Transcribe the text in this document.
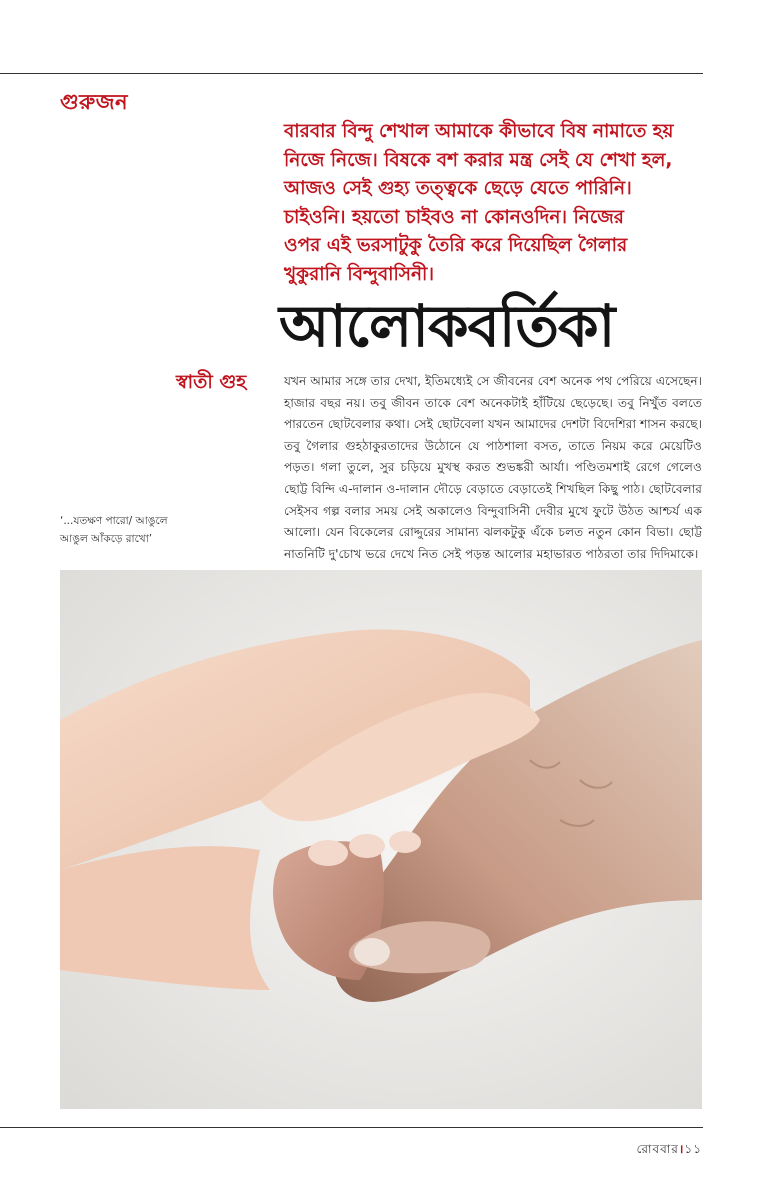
গুরুজন
বারবার বিন্দু শেখাল আমাকে কীভাবে বিষ নামাতে হয়
নিজে নিজে। বিষকে বশ করার মন্ত্র সেই যে শেখা হল,
আজও সেই গুহ্য তত্ত্বকে ছেড়ে যেতে পারিনি।
চাইওনি। হয়তো চাইবও না কোনওদিন। নিজের
ওপর এই ভরসাটুকু তৈরি করে দিয়েছিল গৈলার
খুকুরানি বিন্দুবাসিনী।
আলোকবর্তিকা
স্বাতী গুহ	যখন আমার সঙ্গে তার দেখা, ইতিমধ্যেই সে জীবনের বেশ অনেক পথ পেরিয়ে এসেছেন। হাজার বছর নয়। তবু জীবন তাকে বেশ অনেকটাই হাঁটিয়ে ছেড়েছে। তবু নিখুঁত বলতে পারতেন ছোটবেলার কথা। সেই ছোটবেলা যখন আমাদের দেশটা বিদেশিরা শাসন করছে। তবু গৈলার গুহঠাকুরতাদের উঠোনে যে পাঠশালা বসত, তাতে নিয়ম করে মেয়েটিও পড়ত। গলা তুলে, সুর চড়িয়ে মুখস্থ করত শুভঙ্করী আর্যা। পণ্ডিতমশাই রেগে গেলেও ছোট্ট বিন্দি এ-দালান ও-দালান দৌড়ে বেড়াতে বেড়াতেই শিখছিল কিছু পাঠ। ছোটবেলার সেইসব গল্প বলার সময় সেই অকালেও বিন্দুবাসিনী দেবীর মুখে ফুটে উঠত আশ্চর্য এক আলো। যেন বিকেলের রোদ্দুরের সামান্য ঝলকটুকু এঁকে চলত নতুন কোন বিভা। ছোট্ট নাতনিটি দু'চোখ ভরে দেখে নিত সেই পড়ন্ত আলোর মহাভারত পাঠরতা তার দিদিমাকে।
‘...যতক্ষণ পারো/ আঙুলে
আঙুল আঁকড়ে রাখো’
রোববার।১১
